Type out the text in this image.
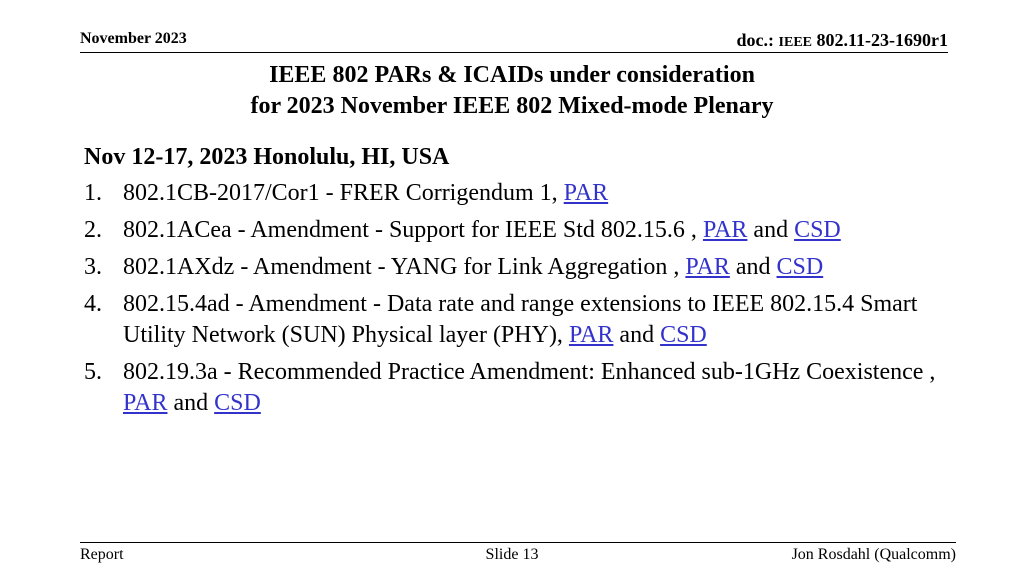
November 2023	doc.: IEEE 802.11-23-1690r1
IEEE 802 PARs & ICAIDs under consideration
for 2023 November IEEE 802 Mixed-mode Plenary
Nov 12-17, 2023 Honolulu, HI, USA
1. 802.1CB-2017/Cor1 - FRER Corrigendum 1, PAR
2. 802.1ACea - Amendment - Support for IEEE Std 802.15.6 , PAR and CSD
3. 802.1AXdz - Amendment - YANG for Link Aggregation , PAR and CSD
4. 802.15.4ad - Amendment - Data rate and range extensions to IEEE 802.15.4 Smart Utility Network (SUN) Physical layer (PHY), PAR and CSD
5. 802.19.3a - Recommended Practice Amendment: Enhanced sub-1GHz Coexistence , PAR and CSD
Report	Slide 13	Jon Rosdahl (Qualcomm)
